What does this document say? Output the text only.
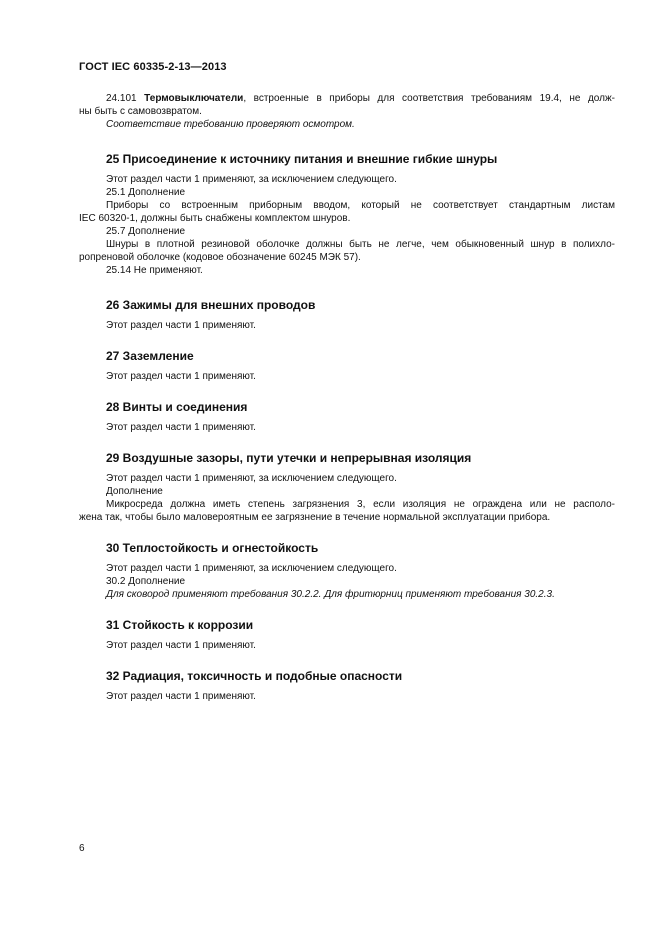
ГОСТ IEC 60335-2-13—2013

24.101 Термовыключатели, встроенные в приборы для соответствия требованиям 19.4, не долж-

ны быть с самовозвратом.

Соответствие требованию проверяют осмотром.

25 Присоединение к источнику питания и внешние гибкие шнуры

Этот раздел части 1 применяют, за исключением следующего.

25.1 Дополнение

Приборы со встроенным приборным вводом, который не соответствует стандартным листам

IEC 60320-1, должны быть снабжены комплектом шнуров.

25.7 Дополнение

Шнуры в плотной резиновой оболочке должны быть не легче, чем обыкновенный шнур в полихло-

ропреновой оболочке (кодовое обозначение 60245 МЭК 57).

25.14 Не применяют.

26 Зажимы для внешних проводов

Этот раздел части 1 применяют.

27 Заземление

Этот раздел части 1 применяют.

28 Винты и соединения

Этот раздел части 1 применяют.

29 Воздушные зазоры, пути утечки и непрерывная изоляция

Этот раздел части 1 применяют, за исключением следующего.

Дополнение

Микросреда должна иметь степень загрязнения 3, если изоляция не ограждена или не располо-

жена так, чтобы было маловероятным ее загрязнение в течение нормальной эксплуатации прибора.

30 Теплостойкость и огнестойкость

Этот раздел части 1 применяют, за исключением следующего.

30.2 Дополнение

Для сковород применяют требования 30.2.2. Для фритюрниц применяют требования 30.2.3.

31 Стойкость к коррозии

Этот раздел части 1 применяют.

32 Радиация, токсичность и подобные опасности

Этот раздел части 1 применяют.

6
